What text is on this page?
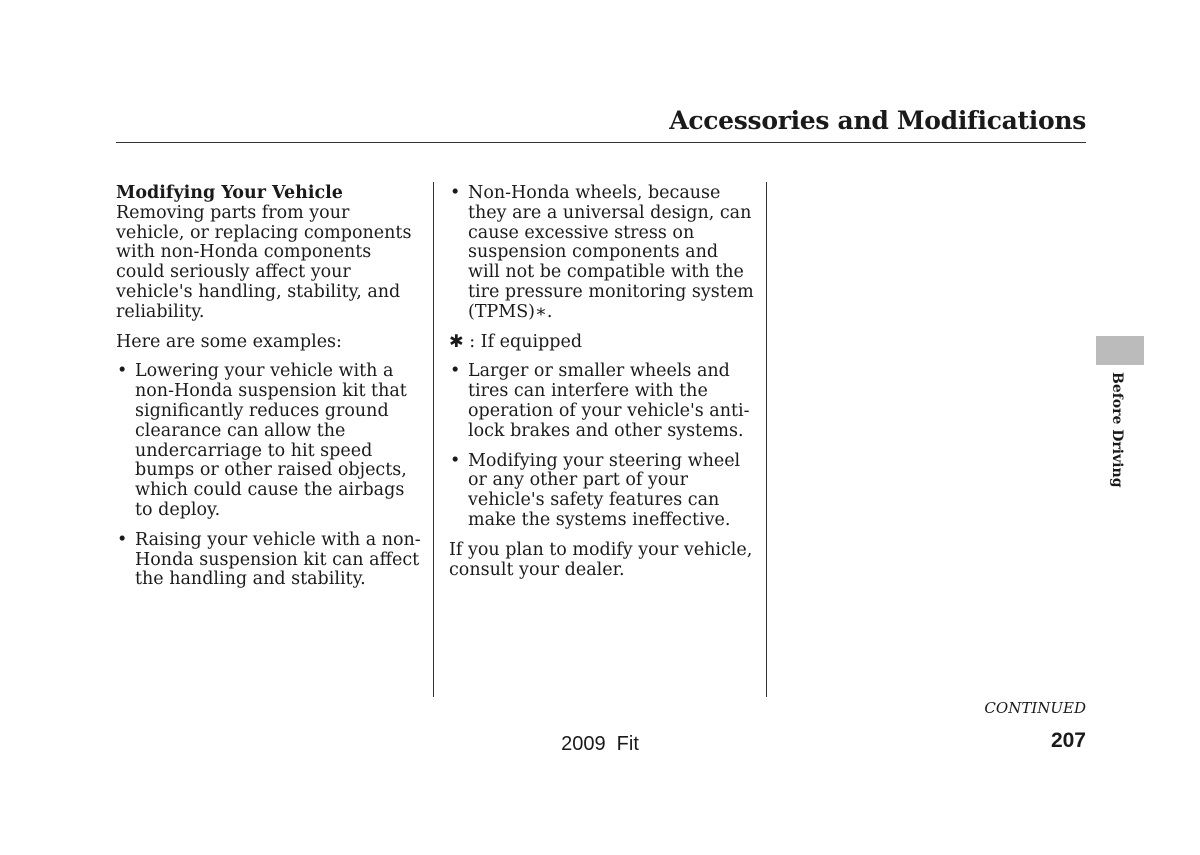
Accessories and Modifications

Modifying Your Vehicle

Removing parts from your vehicle, or replacing components with non-Honda components could seriously affect your vehicle's handling, stability, and reliability.

Here are some examples:

• Lowering your vehicle with a non-Honda suspension kit that significantly reduces ground clearance can allow the undercarriage to hit speed bumps or other raised objects, which could cause the airbags to deploy.
• Raising your vehicle with a non-Honda suspension kit can affect the handling and stability.
• Non-Honda wheels, because they are a universal design, can cause excessive stress on suspension components and will not be compatible with the tire pressure monitoring system (TPMS)∗.

✱ : If equipped

• Larger or smaller wheels and tires can interfere with the operation of your vehicle's anti-lock brakes and other systems.
• Modifying your steering wheel or any other part of your vehicle's safety features can make the systems ineffective.

If you plan to modify your vehicle, consult your dealer.

Before Driving
CONTINUED
207
2009  Fit
